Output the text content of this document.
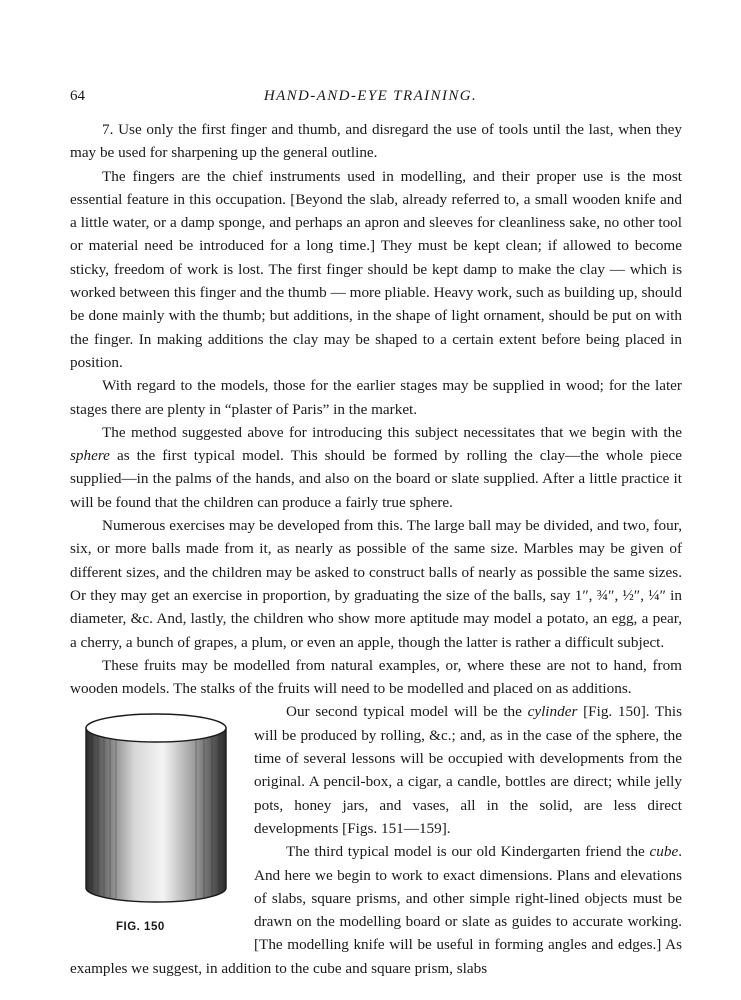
64	HAND-AND-EYE TRAINING.

7. Use only the first finger and thumb, and disregard the use of tools until the last, when they may be used for sharpening up the general outline.

The fingers are the chief instruments used in modelling, and their proper use is the most essential feature in this occupation. [Beyond the slab, already referred to, a small wooden knife and a little water, or a damp sponge, and perhaps an apron and sleeves for cleanliness sake, no other tool or material need be introduced for a long time.] They must be kept clean; if allowed to become sticky, freedom of work is lost. The first finger should be kept damp to make the clay — which is worked between this finger and the thumb — more pliable. Heavy work, such as building up, should be done mainly with the thumb; but additions, in the shape of light ornament, should be put on with the finger. In making additions the clay may be shaped to a certain extent before being placed in position.

With regard to the models, those for the earlier stages may be supplied in wood; for the later stages there are plenty in “plaster of Paris” in the market.

The method suggested above for introducing this subject necessitates that we begin with the sphere as the first typical model. This should be formed by rolling the clay—the whole piece supplied—in the palms of the hands, and also on the board or slate supplied. After a little practice it will be found that the children can produce a fairly true sphere.

Numerous exercises may be developed from this. The large ball may be divided, and two, four, six, or more balls made from it, as nearly as possible of the same size. Marbles may be given of different sizes, and the children may be asked to construct balls of nearly as possible the same sizes. Or they may get an exercise in proportion, by graduating the size of the balls, say 1″, ¾″, ½″, ¼″ in diameter, &c. And, lastly, the children who show more aptitude may model a potato, an egg, a pear, a cherry, a bunch of grapes, a plum, or even an apple, though the latter is rather a difficult subject.

These fruits may be modelled from natural examples, or, where these are not to hand, from wooden models. The stalks of the fruits will need to be modelled and placed on as additions.

FIG. 150

Our second typical model will be the cylinder [Fig. 150]. This will be produced by rolling, &c.; and, as in the case of the sphere, the time of several lessons will be occupied with developments from the original. A pencil-box, a cigar, a candle, bottles are direct; while jelly pots, honey jars, and vases, all in the solid, are less direct developments [Figs. 151—159].

The third typical model is our old Kindergarten friend the cube. And here we begin to work to exact dimensions. Plans and elevations of slabs, square prisms, and other simple right-lined objects must be drawn on the modelling board or slate as guides to accurate working. [The modelling knife will be useful in forming angles and edges.] As examples we suggest, in addition to the cube and square prism, slabs
